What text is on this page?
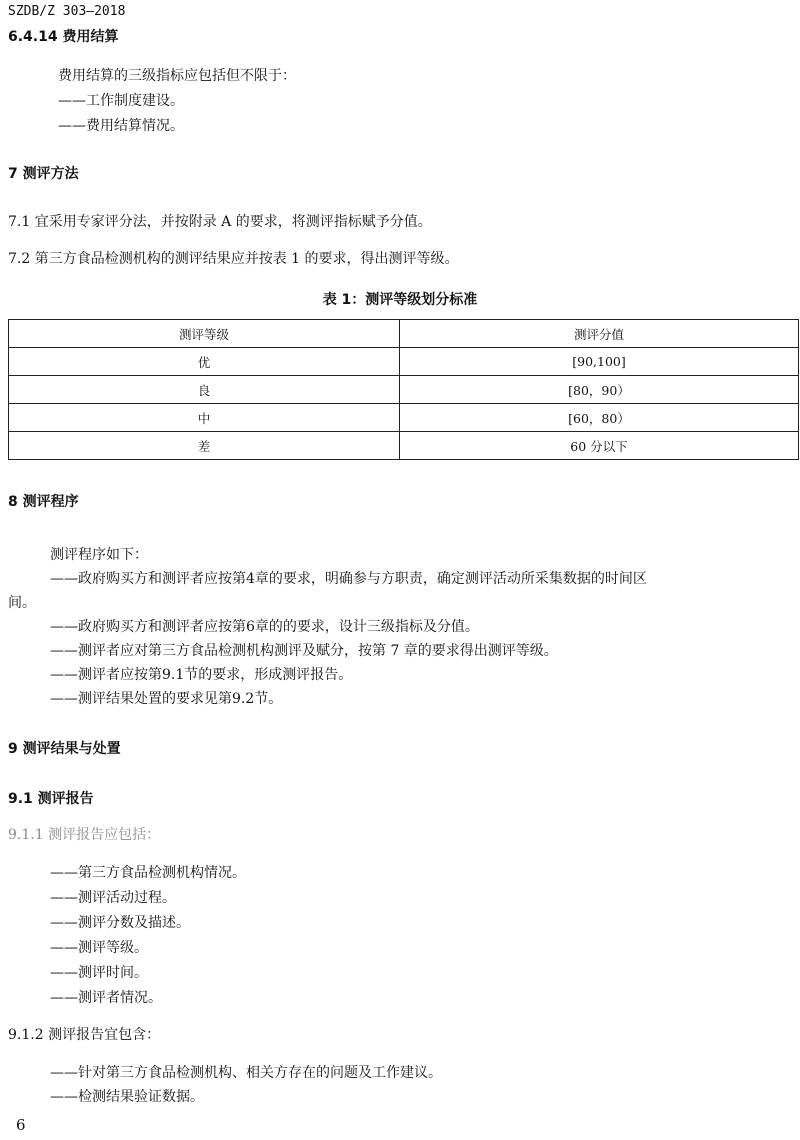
SZDB/Z 303—2018
6.4.14 费用结算
费用结算的三级指标应包括但不限于：
——工作制度建设。
——费用结算情况。
7 测评方法
7.1 宜采用专家评分法，并按附录 A 的要求，将测评指标赋予分值。
7.2 第三方食品检测机构的测评结果应并按表 1 的要求，得出测评等级。
表 1：测评等级划分标准
测评等级	测评分值
优	[90,100]
良	[80，90）
中	[60，80）
差	60 分以下
8 测评程序
测评程序如下：
——政府购买方和测评者应按第4章的要求，明确参与方职责，确定测评活动所采集数据的时间区
间。
——政府购买方和测评者应按第6章的的要求，设计三级指标及分值。
——测评者应对第三方食品检测机构测评及赋分，按第 7 章的要求得出测评等级。
——测评者应按第9.1节的要求，形成测评报告。
——测评结果处置的要求见第9.2节。
9 测评结果与处置
9.1 测评报告
9.1.1 测评报告应包括：
——第三方食品检测机构情况。
——测评活动过程。
——测评分数及描述。
——测评等级。
——测评时间。
——测评者情况。
9.1.2 测评报告宜包含：
——针对第三方食品检测机构、相关方存在的问题及工作建议。
——检测结果验证数据。
6
